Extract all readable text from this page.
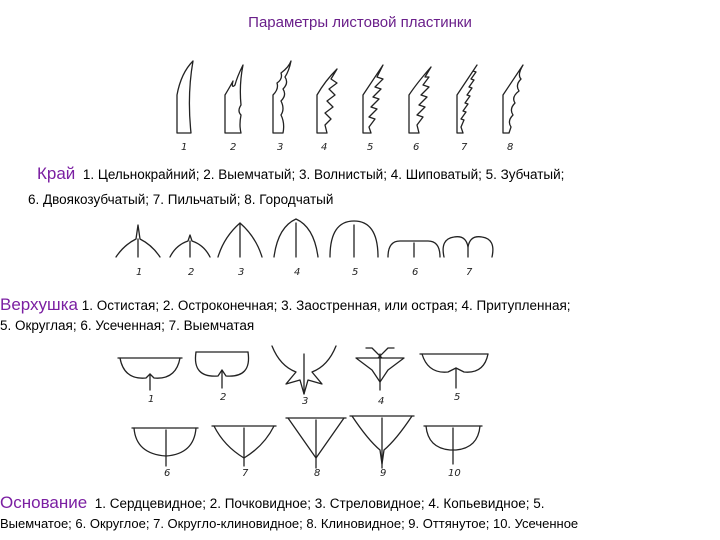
Параметры листовой пластинки
1	2	3	4	5	6	7	8
Край 1. Цельнокрайний; 2. Выемчатый; 3. Волнистый; 4. Шиповатый; 5. Зубчатый;
6. Двоякозубчатый; 7. Пильчатый; 8. Городчатый
1	2	3	4	5	6	7
Верхушка 1. Остистая; 2. Остроконечная; 3. Заостренная, или острая; 4. Притупленная;
5. Округлая; 6. Усеченная; 7. Выемчатая
1	2	3	4	5
6	7	8	9	10
Основание 1. Сердцевидное; 2. Почковидное; 3. Стреловидное; 4. Копьевидное; 5.
Выемчатое; 6. Округлое; 7. Округло-клиновидное; 8. Клиновидное; 9. Оттянутое; 10. Усеченное
